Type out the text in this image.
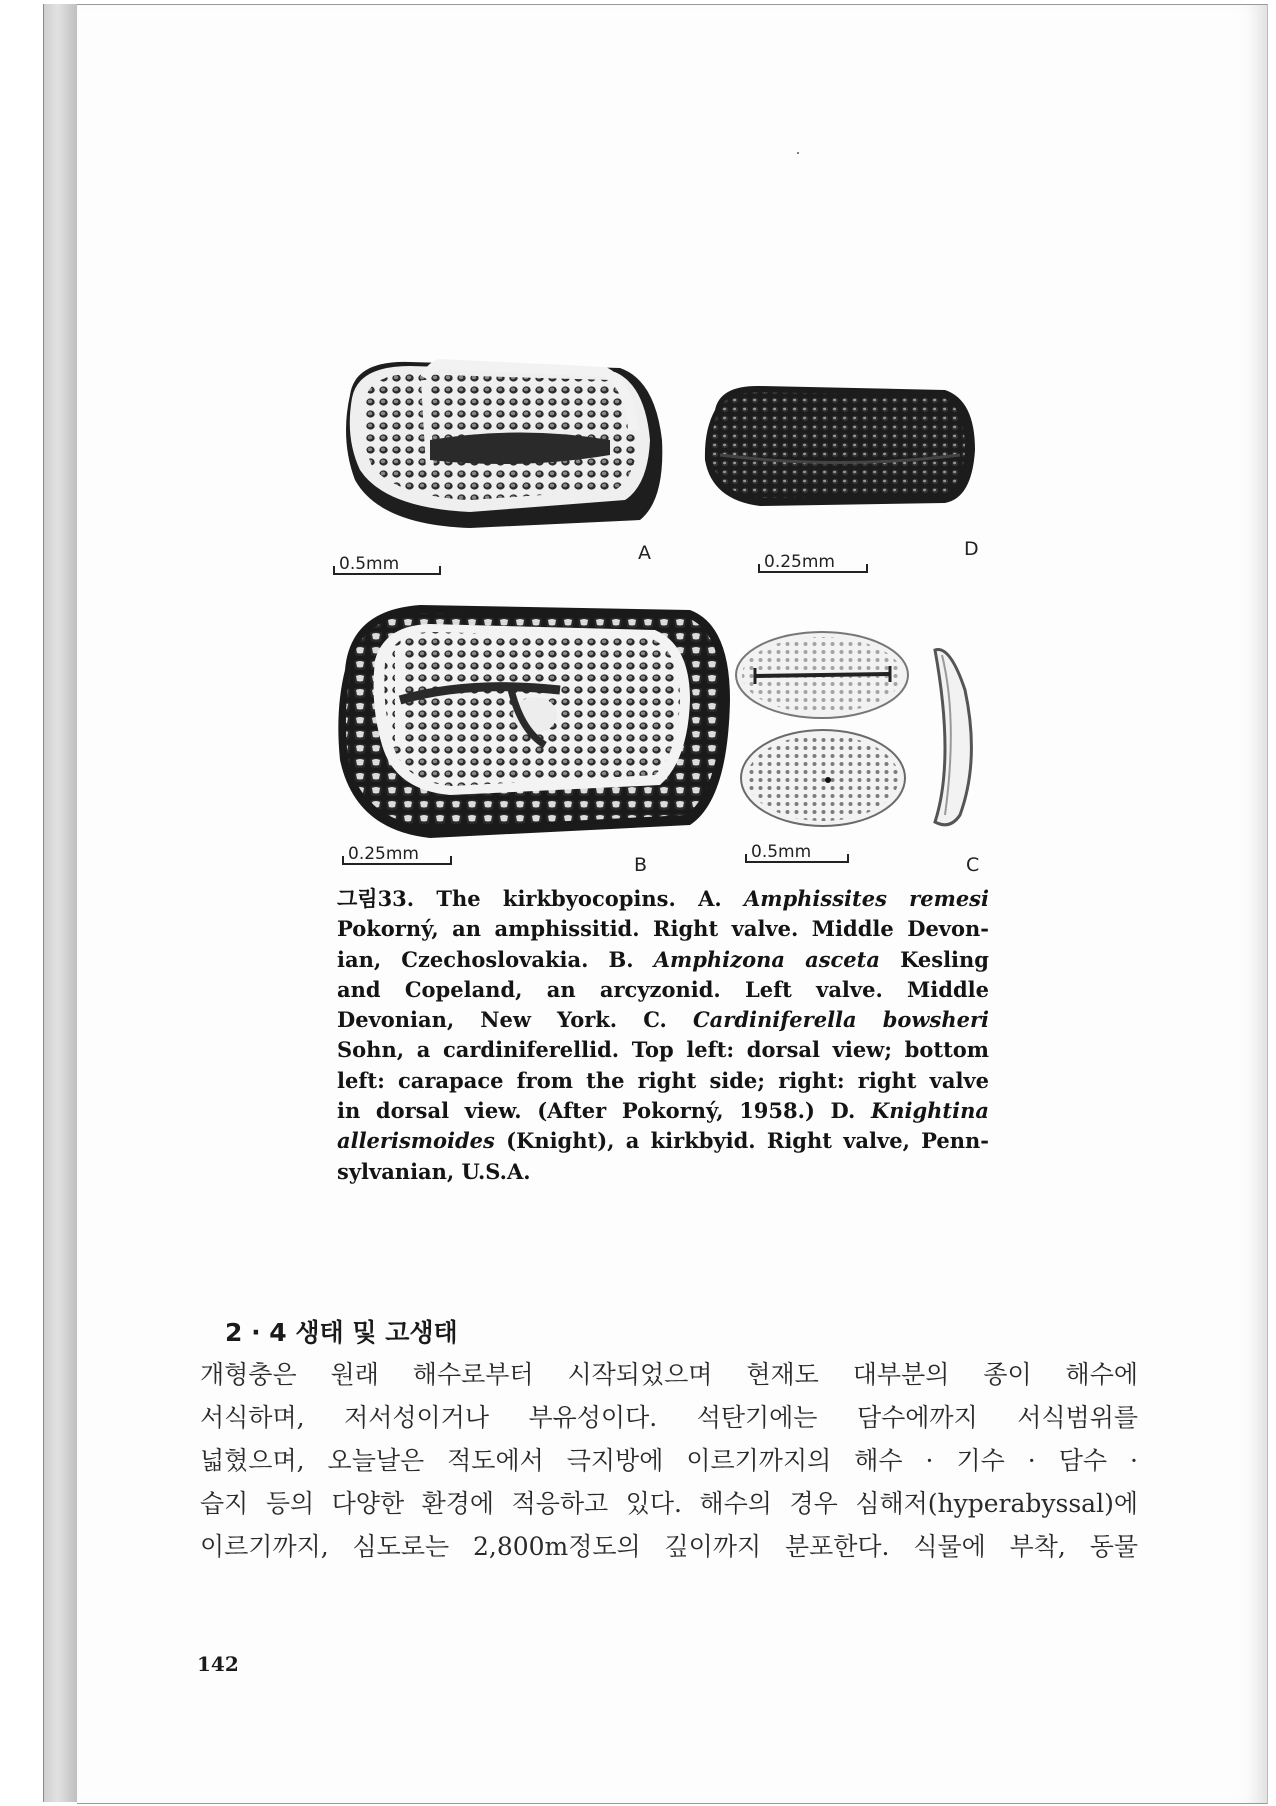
0.5mm	A	0.25mm
D
0.25mm	B
0.5mm
C
그림33. The kirkbyocopins. A. Amphissites remesi
Pokorný, an amphissitid. Right valve. Middle Devon-
ian, Czechoslovakia. B. Amphizona asceta Kesling
and Copeland, an arcyzonid. Left valve. Middle
Devonian, New York. C. Cardiniferella bowsheri
Sohn, a cardiniferellid. Top left: dorsal view; bottom
left: carapace from the right side; right: right valve
in dorsal view. (After Pokorný, 1958.) D. Knightina
allerismoides (Knight), a kirkbyid. Right valve, Penn-
sylvanian, U.S.A.
2 · 4 생태 및 고생태
개형충은 원래 해수로부터 시작되었으며 현재도 대부분의 종이 해수에
서식하며, 저서성이거나 부유성이다. 석탄기에는 담수에까지 서식범위를
넓혔으며, 오늘날은 적도에서 극지방에 이르기까지의 해수 · 기수 · 담수 ·
습지 등의 다양한 환경에 적응하고 있다. 해수의 경우 심해저(hyperabyssal)에
이르기까지, 심도로는 2,800m정도의 깊이까지 분포한다. 식물에 부착, 동물
142
